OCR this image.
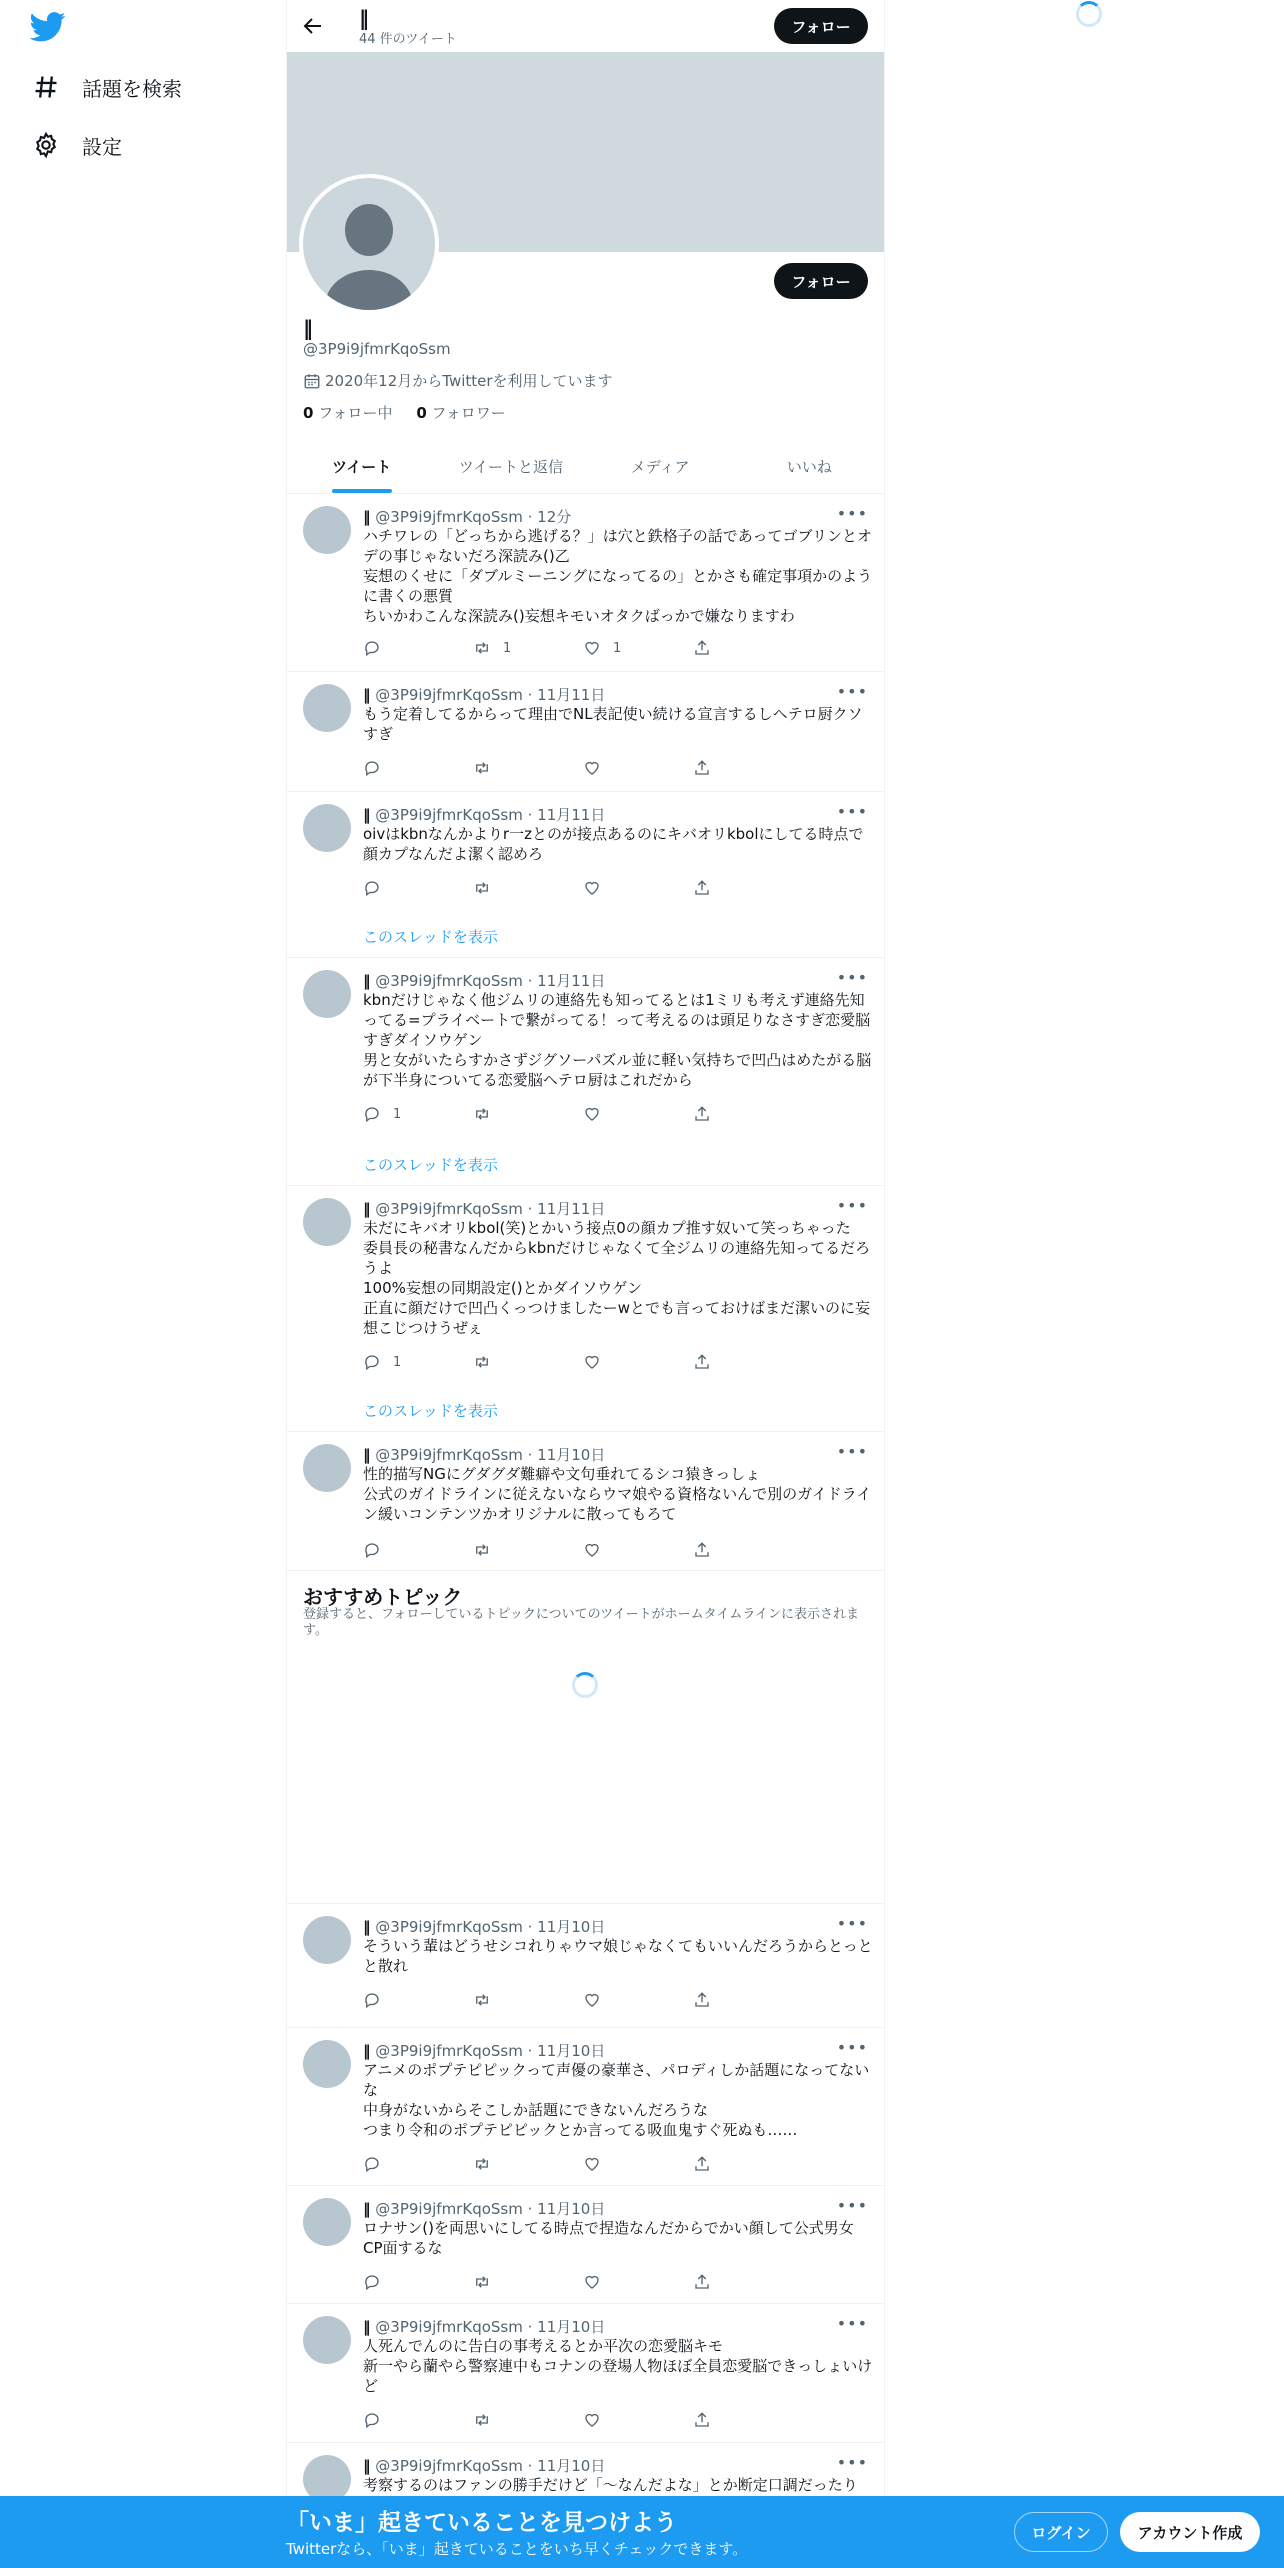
話題を検索
設定
‖
44 件のツイート
フォロー
フォロー
‖
@3P9i9jfmrKqoSsm
2020年12月からTwitterを利用しています
0 フォロー中 0 フォロワー
ツイート	ツイートと返信	メディア	いいね
‖ @3P9i9jfmrKqoSsm · 12分	•••

ハチワレの「どっちから逃げる？」は穴と鉄格子の話であってゴブリンとオデの事じゃないだろ深読み()乙

妄想のくせに「ダブルミーニングになってるの」とかさも確定事項かのように書くの悪質

ちいかわこんな深読み()妄想キモいオタクばっかで嫌なりますわ

1	1
‖ @3P9i9jfmrKqoSsm · 11月11日	•••

もう定着してるからって理由でNL表記使い続ける宣言するしヘテロ厨クソすぎ

‖ @3P9i9jfmrKqoSsm · 11月11日	•••

oivはkbnなんかよりr一zとのが接点あるのにキバオリkbolにしてる時点で顔カプなんだよ潔く認めろ

このスレッドを表示
‖ @3P9i9jfmrKqoSsm · 11月11日	•••

kbnだけじゃなく他ジムリの連絡先も知ってるとは1ミリも考えず連絡先知ってる=プライベートで繋がってる！って考えるのは頭足りなさすぎ恋愛脳すぎダイソウゲン

男と女がいたらすかさずジグソーパズル並に軽い気持ちで凹凸はめたがる脳が下半身についてる恋愛脳ヘテロ厨はこれだから

1
このスレッドを表示
‖ @3P9i9jfmrKqoSsm · 11月11日	•••

未だにキバオリkbol(笑)とかいう接点0の顔カプ推す奴いて笑っちゃった

委員長の秘書なんだからkbnだけじゃなくて全ジムリの連絡先知ってるだろうよ

100%妄想の同期設定()とかダイソウゲン

正直に顔だけで凹凸くっつけましたーwとでも言っておけばまだ潔いのに妄想こじつけうぜぇ

1
このスレッドを表示
‖ @3P9i9jfmrKqoSsm · 11月10日	•••

性的描写NGにグダグダ難癖や文句垂れてるシコ猿きっしょ

公式のガイドラインに従えないならウマ娘やる資格ないんで別のガイドライン緩いコンテンツかオリジナルに散ってもろて

おすすめトピック
登録すると、フォローしているトピックについてのツイートがホームタイムラインに表示されます。
‖ @3P9i9jfmrKqoSsm · 11月10日	•••

そういう輩はどうせシコれりゃウマ娘じゃなくてもいいんだろうからとっとと散れ

‖ @3P9i9jfmrKqoSsm · 11月10日	•••

アニメのポプテピピックって声優の豪華さ、パロディしか話題になってないな

中身がないからそこしか話題にできないんだろうな

つまり令和のポプテピピックとか言ってる吸血鬼すぐ死ぬも……

‖ @3P9i9jfmrKqoSsm · 11月10日	•••

ロナサン()を両思いにしてる時点で捏造なんだからでかい顔して公式男女CP面するな

‖ @3P9i9jfmrKqoSsm · 11月10日	•••

人死んでんのに告白の事考えるとか平次の恋愛脳キモ

新一やら蘭やら警察連中もコナンの登場人物ほぼ全員恋愛脳できっしょいけど

‖ @3P9i9jfmrKqoSsm · 11月10日	•••

考察するのはファンの勝手だけど「〜なんだよな」とか断定口調だったり

「いま」起きていることを見つけよう
Twitterなら、「いま」起きていることをいち早くチェックできます。
ログイン	アカウント作成
